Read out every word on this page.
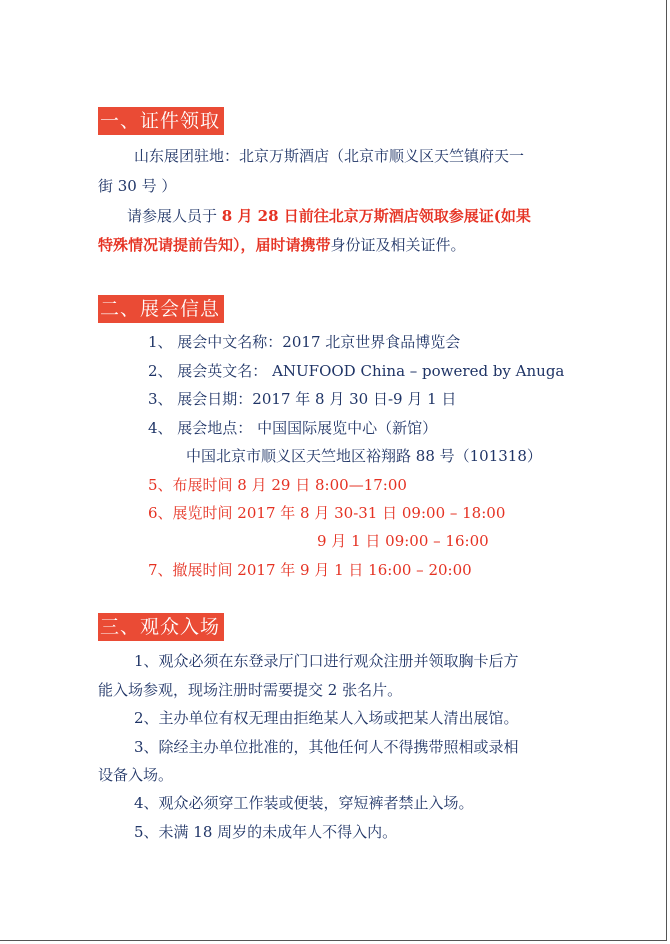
一、证件领取
山东展团驻地：北京万斯酒店（北京市顺义区天竺镇府天一
街 30 号 ）
请参展人员于 8 月 28 日前往北京万斯酒店领取参展证(如果
特殊情况请提前告知），届时请携带身份证及相关证件。
二、展会信息
1、 展会中文名称：2017 北京世界食品博览会
2、 展会英文名： ANUFOOD China – powered by Anuga
3、 展会日期：2017 年 8 月 30 日-9 月 1 日
4、 展会地点： 中国国际展览中心（新馆）
中国北京市顺义区天竺地区裕翔路 88 号（101318）
5、布展时间 8 月 29 日 8:00—17:00
6、展览时间 2017 年 8 月 30-31 日 09:00 – 18:00
9 月 1 日 09:00 – 16:00
7、撤展时间 2017 年 9 月 1 日 16:00 – 20:00
三、观众入场
1、观众必须在东登录厅门口进行观众注册并领取胸卡后方
能入场参观，现场注册时需要提交 2 张名片。
2、主办单位有权无理由拒绝某人入场或把某人清出展馆。
3、除经主办单位批准的，其他任何人不得携带照相或录相
设备入场。
4、观众必须穿工作装或便装，穿短裤者禁止入场。
5、未满 18 周岁的未成年人不得入内。
